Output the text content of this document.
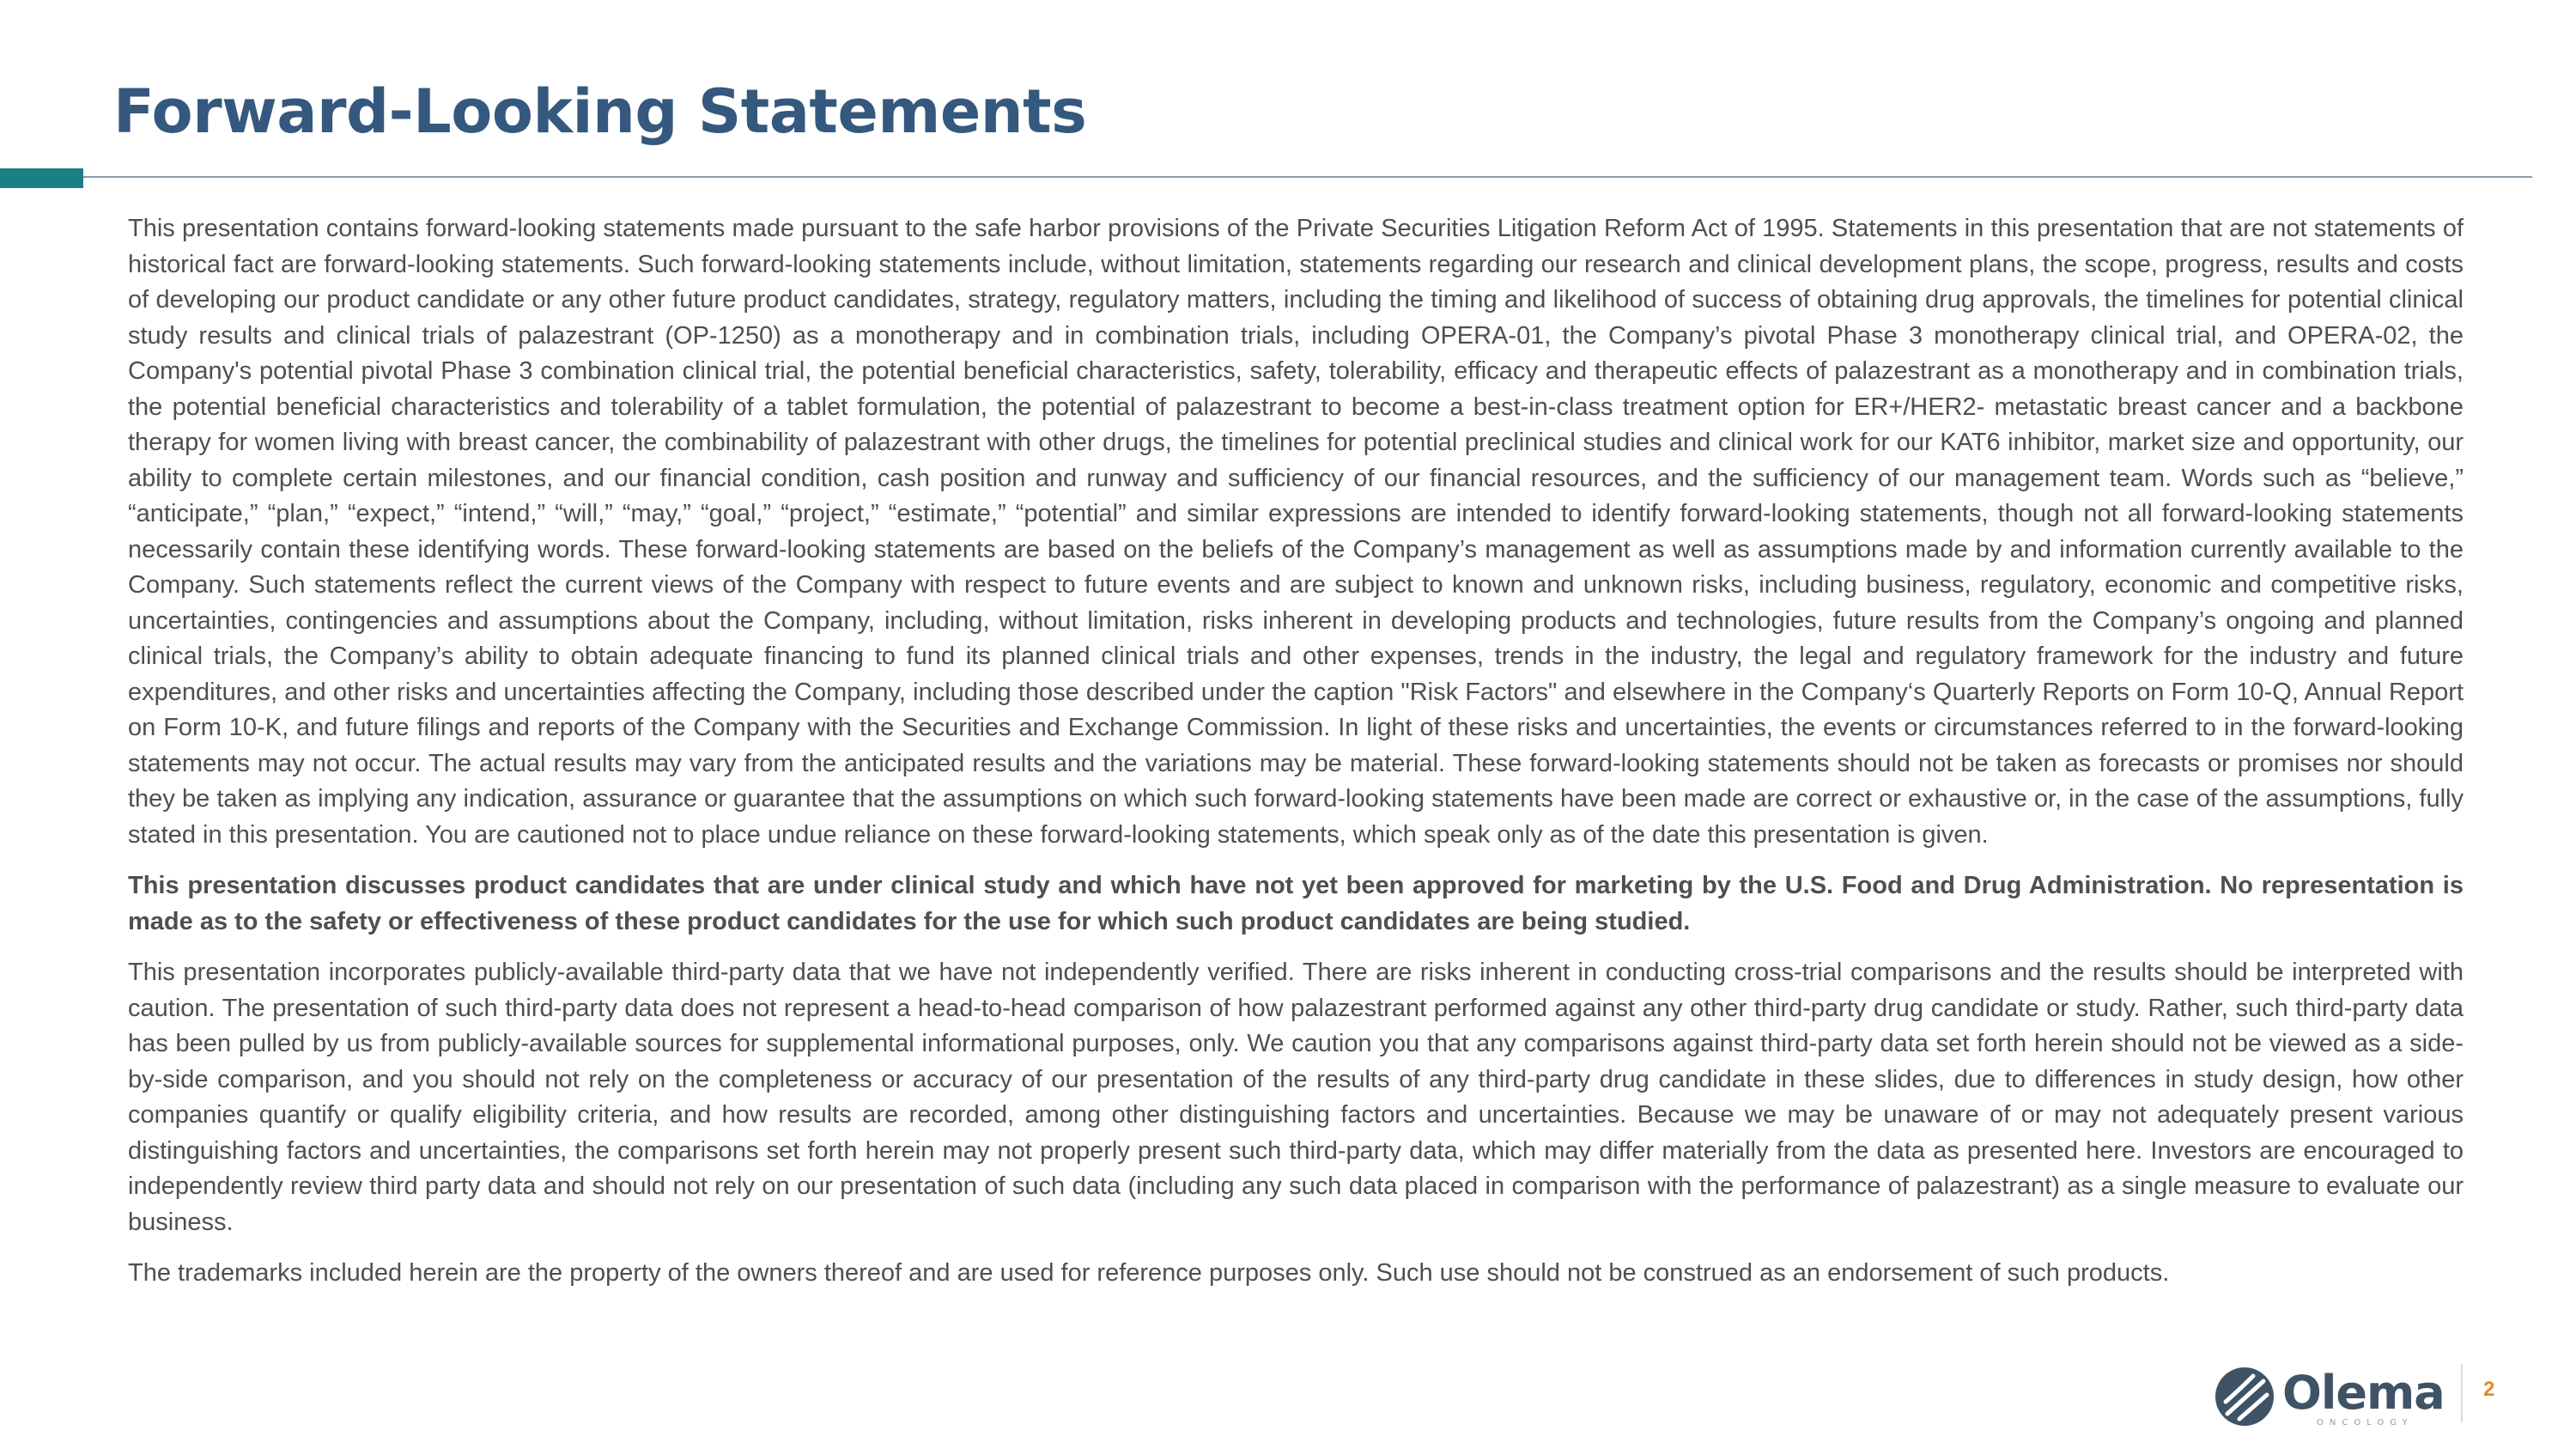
Forward-Looking Statements

This presentation contains forward-looking statements made pursuant to the safe harbor provisions of the Private Securities Litigation Reform Act of 1995. Statements in this presentation that are not statements of historical fact are forward-looking statements. Such forward-looking statements include, without limitation, statements regarding our research and clinical development plans, the scope, progress, results and costs of developing our product candidate or any other future product candidates, strategy, regulatory matters, including the timing and likelihood of success of obtaining drug approvals, the timelines for potential clinical study results and clinical trials of palazestrant (OP-1250) as a monotherapy and in combination trials, including OPERA-01, the Company’s pivotal Phase 3 monotherapy clinical trial, and OPERA-02, the Company's potential pivotal Phase 3 combination clinical trial, the potential beneficial characteristics, safety, tolerability, efficacy and therapeutic effects of palazestrant as a monotherapy and in combination trials, the potential beneficial characteristics and tolerability of a tablet formulation, the potential of palazestrant to become a best-in-class treatment option for ER+/HER2- metastatic breast cancer and a backbone therapy for women living with breast cancer, the combinability of palazestrant with other drugs, the timelines for potential preclinical studies and clinical work for our KAT6 inhibitor, market size and opportunity, our ability to complete certain milestones, and our financial condition, cash position and runway and sufficiency of our financial resources, and the sufficiency of our management team. Words such as “believe,” “anticipate,” “plan,” “expect,” “intend,” “will,” “may,” “goal,” “project,” “estimate,” “potential” and similar expressions are intended to identify forward-looking statements, though not all forward-looking statements necessarily contain these identifying words. These forward-looking statements are based on the beliefs of the Company’s management as well as assumptions made by and information currently available to the Company. Such statements reflect the current views of the Company with respect to future events and are subject to known and unknown risks, including business, regulatory, economic and competitive risks, uncertainties, contingencies and assumptions about the Company, including, without limitation, risks inherent in developing products and technologies, future results from the Company’s ongoing and planned clinical trials, the Company’s ability to obtain adequate financing to fund its planned clinical trials and other expenses, trends in the industry, the legal and regulatory framework for the industry and future expenditures, and other risks and uncertainties affecting the Company, including those described under the caption "Risk Factors" and elsewhere in the Company‘s Quarterly Reports on Form 10-Q, Annual Report on Form 10-K, and future filings and reports of the Company with the Securities and Exchange Commission. In light of these risks and uncertainties, the events or circumstances referred to in the forward-looking statements may not occur. The actual results may vary from the anticipated results and the variations may be material. These forward-looking statements should not be taken as forecasts or promises nor should they be taken as implying any indication, assurance or guarantee that the assumptions on which such forward-looking statements have been made are correct or exhaustive or, in the case of the assumptions, fully stated in this presentation. You are cautioned not to place undue reliance on these forward-looking statements, which speak only as of the date this presentation is given.

This presentation discusses product candidates that are under clinical study and which have not yet been approved for marketing by the U.S. Food and Drug Administration. No representation is made as to the safety or effectiveness of these product candidates for the use for which such product candidates are being studied.

This presentation incorporates publicly-available third-party data that we have not independently verified. There are risks inherent in conducting cross-trial comparisons and the results should be interpreted with caution. The presentation of such third-party data does not represent a head-to-head comparison of how palazestrant performed against any other third-party drug candidate or study. Rather, such third-party data has been pulled by us from publicly-available sources for supplemental informational purposes, only. We caution you that any comparisons against third-party data set forth herein should not be viewed as a side-by-side comparison, and you should not rely on the completeness or accuracy of our presentation of the results of any third-party drug candidate in these slides, due to differences in study design, how other companies quantify or qualify eligibility criteria, and how results are recorded, among other distinguishing factors and uncertainties. Because we may be unaware of or may not adequately present various distinguishing factors and uncertainties, the comparisons set forth herein may not properly present such third-party data, which may differ materially from the data as presented here. Investors are encouraged to independently review third party data and should not rely on our presentation of such data (including any such data placed in comparison with the performance of palazestrant) as a single measure to evaluate our business.

The trademarks included herein are the property of the owners thereof and are used for reference purposes only. Such use should not be construed as an endorsement of such products.

Olema
ONCOLOGY
2
